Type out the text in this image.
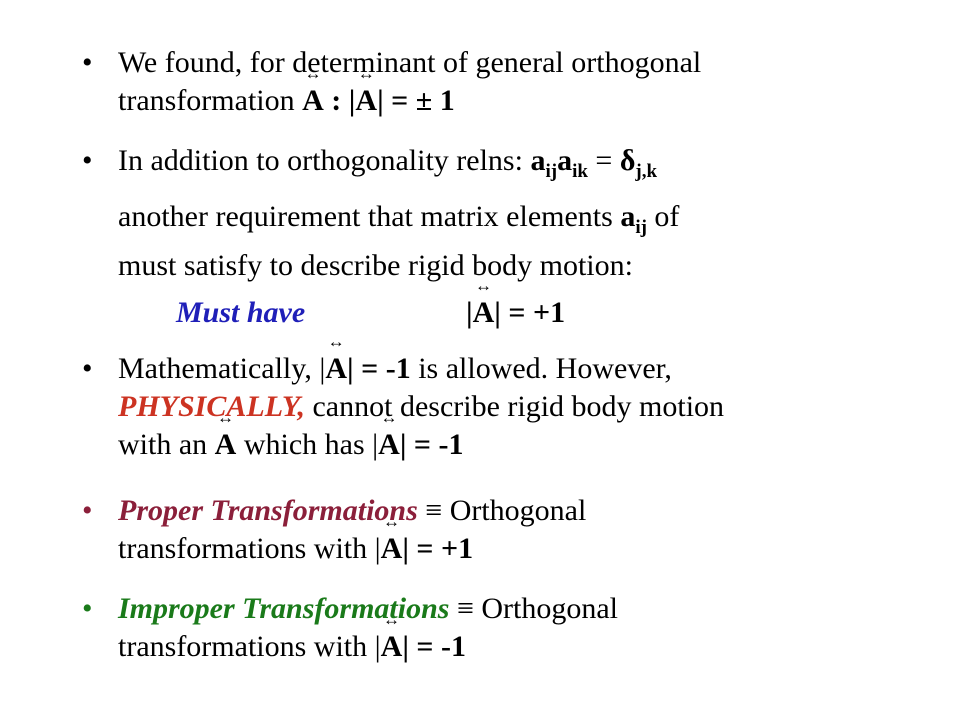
• We found, for determinant of general orthogonal
transformation ↔ A : |↔ A| = ± 1
• In addition to orthogonality relns: $a_{ij}a_{ik} = \delta_{j,k}$
another requirement that matrix elements $a_{ij}$ of
must satisfy to describe rigid body motion:
Must have	|↔ A| = +1
• Mathematically, |↔ A| = -1 is allowed. However,
PHYSICALLY, cannot describe rigid body motion
with an ↔ A which has |↔ A| = -1
• Proper Transformations ≡ Orthogonal
transformations with |↔ A| = +1
• Improper Transformations ≡ Orthogonal
transformations with |↔ A| = -1
